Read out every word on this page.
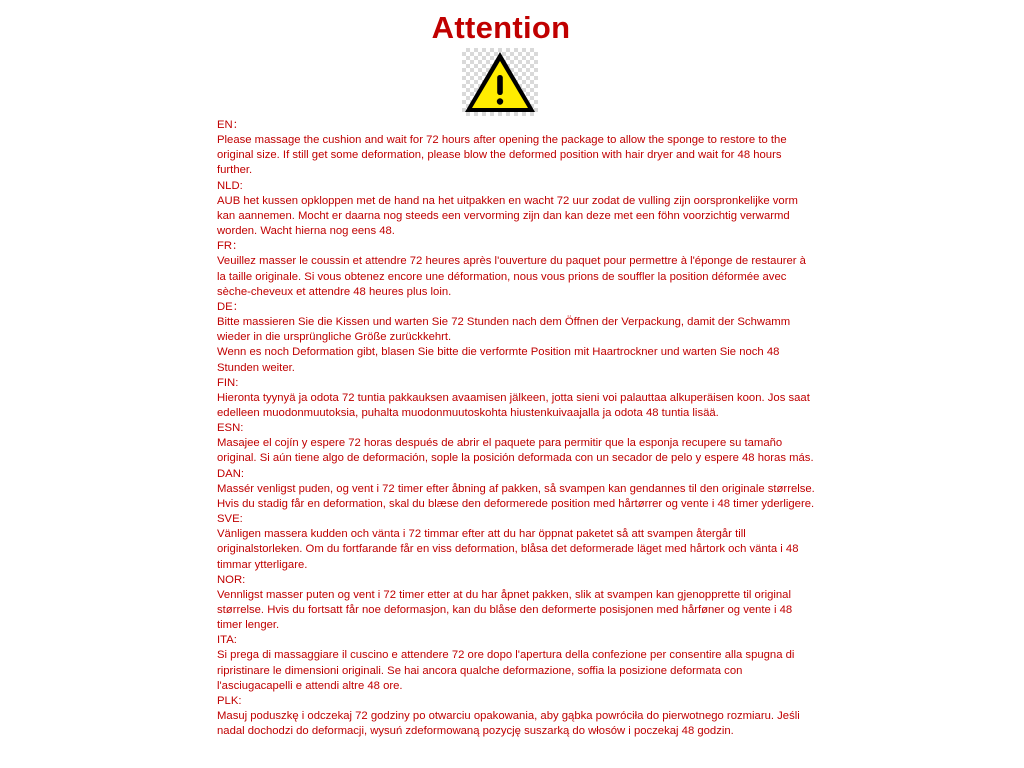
Attention
EN：
Please massage the cushion and wait for 72 hours after opening the package to allow the sponge to restore to the original size. If still get some deformation, please blow the deformed position with hair dryer and wait for 48 hours further.
NLD:
AUB het kussen opkloppen met de hand na het uitpakken en wacht 72 uur zodat de vulling zijn oorspronkelijke vorm kan aannemen. Mocht er daarna nog steeds een vervorming zijn dan kan deze met een föhn voorzichtig verwarmd worden. Wacht hierna nog eens 48.
FR：
Veuillez masser le coussin et attendre 72 heures après l'ouverture du paquet pour permettre à l'éponge de restaurer à la taille originale. Si vous obtenez encore une déformation, nous vous prions de souffler la position déformée avec sèche-cheveux et attendre 48 heures plus loin.
DE：
Bitte massieren Sie die Kissen und warten Sie 72 Stunden nach dem Öffnen der Verpackung, damit der Schwamm wieder in die ursprüngliche Größe zurückkehrt.
Wenn es noch Deformation gibt, blasen Sie bitte die verformte Position mit Haartrockner und warten Sie noch 48 Stunden weiter.
FIN:
Hieronta tyynyä ja odota 72 tuntia pakkauksen avaamisen jälkeen, jotta sieni voi palauttaa alkuperäisen koon. Jos saat edelleen muodonmuutoksia, puhalta muodonmuutoskohta hiustenkuivaajalla ja odota 48 tuntia lisää.
ESN:
Masajee el cojín y espere 72 horas después de abrir el paquete para permitir que la esponja recupere su tamaño original. Si aún tiene algo de deformación, sople la posición deformada con un secador de pelo y espere 48 horas más.
DAN:
Massér venligst puden, og vent i 72 timer efter åbning af pakken, så svampen kan gendannes til den originale størrelse. Hvis du stadig får en deformation, skal du blæse den deformerede position med hårtørrer og vente i 48 timer yderligere.
SVE:
Vänligen massera kudden och vänta i 72 timmar efter att du har öppnat paketet så att svampen återgår till originalstorleken. Om du fortfarande får en viss deformation, blåsa det deformerade läget med hårtork och vänta i 48 timmar ytterligare.
NOR:
Vennligst masser puten og vent i 72 timer etter at du har åpnet pakken, slik at svampen kan gjenopprette til original størrelse. Hvis du fortsatt får noe deformasjon, kan du blåse den deformerte posisjonen med hårføner og vente i 48 timer lenger.
ITA:
Si prega di massaggiare il cuscino e attendere 72 ore dopo l'apertura della confezione per consentire alla spugna di ripristinare le dimensioni originali. Se hai ancora qualche deformazione, soffia la posizione deformata con l'asciugacapelli e attendi altre 48 ore.
PLK:
Masuj poduszkę i odczekaj 72 godziny po otwarciu opakowania, aby gąbka powróciła do pierwotnego rozmiaru. Jeśli nadal dochodzi do deformacji, wysuń zdeformowaną pozycję suszarką do włosów i poczekaj 48 godzin.
